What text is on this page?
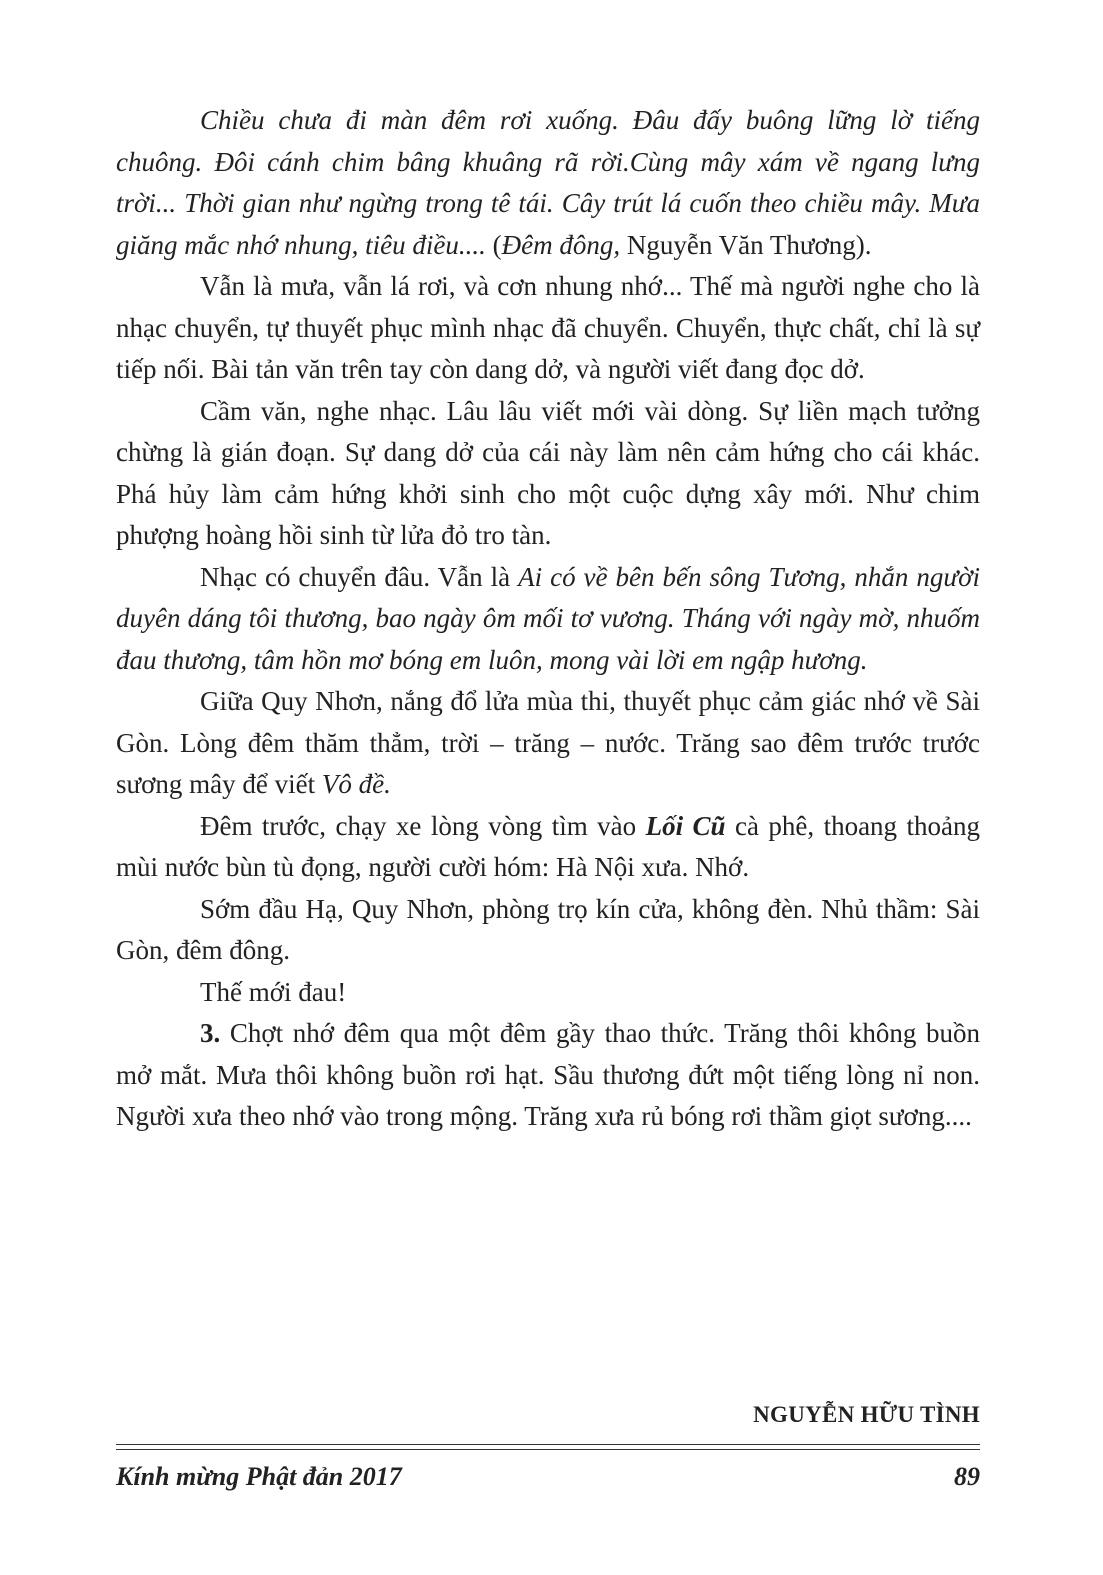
Chiều chưa đi màn đêm rơi xuống. Đâu đấy buông lững lờ tiếng chuông. Đôi cánh chim bâng khuâng rã rời.Cùng mây xám về ngang lưng trời... Thời gian như ngừng trong tê tái. Cây trút lá cuốn theo chiều mây. Mưa giăng mắc nhớ nhung, tiêu điều.... (Đêm đông, Nguyễn Văn Thương).

Vẫn là mưa, vẫn lá rơi, và cơn nhung nhớ... Thế mà người nghe cho là nhạc chuyển, tự thuyết phục mình nhạc đã chuyển. Chuyển, thực chất, chỉ là sự tiếp nối. Bài tản văn trên tay còn dang dở, và người viết đang đọc dở.

Cầm văn, nghe nhạc. Lâu lâu viết mới vài dòng. Sự liền mạch tưởng chừng là gián đoạn. Sự dang dở của cái này làm nên cảm hứng cho cái khác. Phá hủy làm cảm hứng khởi sinh cho một cuộc dựng xây mới. Như chim phượng hoàng hồi sinh từ lửa đỏ tro tàn.

Nhạc có chuyển đâu. Vẫn là Ai có về bên bến sông Tương, nhắn người duyên dáng tôi thương, bao ngày ôm mối tơ vương. Tháng với ngày mờ, nhuốm đau thương, tâm hồn mơ bóng em luôn, mong vài lời em ngập hương.

Giữa Quy Nhơn, nắng đổ lửa mùa thi, thuyết phục cảm giác nhớ về Sài Gòn. Lòng đêm thăm thẳm, trời – trăng – nước. Trăng sao đêm trước trước sương mây để viết Vô đề.

Đêm trước, chạy xe lòng vòng tìm vào Lối Cũ cà phê, thoang thoảng mùi nước bùn tù đọng, người cười hóm: Hà Nội xưa. Nhớ.

Sớm đầu Hạ, Quy Nhơn, phòng trọ kín cửa, không đèn. Nhủ thầm: Sài Gòn, đêm đông.

Thế mới đau!

3. Chợt nhớ đêm qua một đêm gầy thao thức. Trăng thôi không buồn mở mắt. Mưa thôi không buồn rơi hạt. Sầu thương đứt một tiếng lòng nỉ non. Người xưa theo nhớ vào trong mộng. Trăng xưa rủ bóng rơi thầm giọt sương....

NGUYỄN HỮU TÌNH
Kính mừng Phật đản 2017	89
